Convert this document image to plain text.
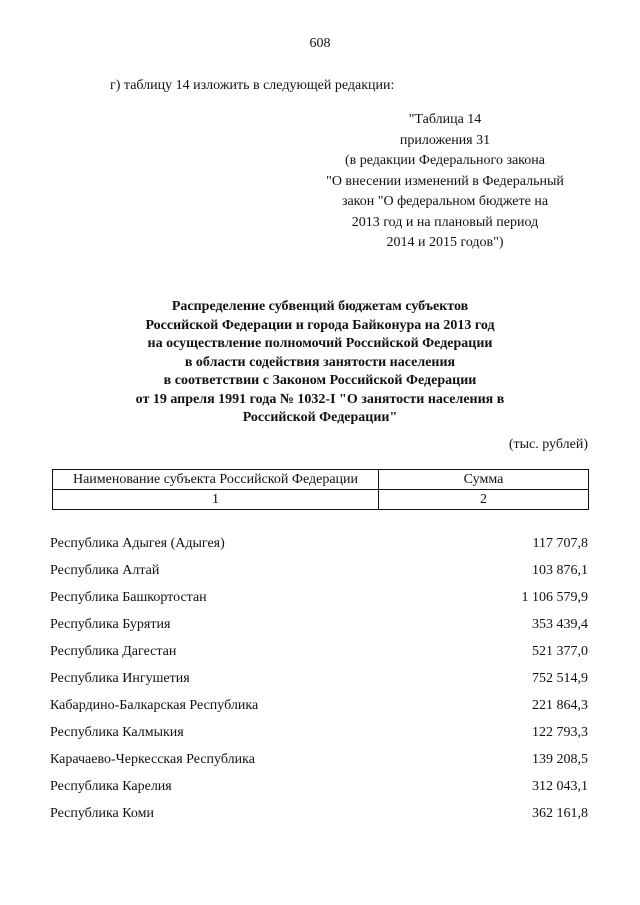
608
г) таблицу 14 изложить в следующей редакции:
"Таблица 14
приложения 31
(в редакции Федерального закона
"О внесении изменений в Федеральный
закон "О федеральном бюджете на
2013 год и на плановый период
2014 и 2015 годов")
Распределение субвенций бюджетам субъектов
Российской Федерации и города Байконура на 2013 год
на осуществление полномочий Российской Федерации
в области содействия занятости населения
в соответствии с Законом Российской Федерации
от 19 апреля 1991 года № 1032-I "О занятости населения в
Российской Федерации"
(тыс. рублей)
Наименование субъекта Российской Федерации	Сумма
1	2
Республика Адыгея (Адыгея)	117 707,8
Республика Алтай	103 876,1
Республика Башкортостан	1 106 579,9
Республика Бурятия	353 439,4
Республика Дагестан	521 377,0
Республика Ингушетия	752 514,9
Кабардино-Балкарская Республика	221 864,3
Республика Калмыкия	122 793,3
Карачаево-Черкесская Республика	139 208,5
Республика Карелия	312 043,1
Республика Коми	362 161,8
